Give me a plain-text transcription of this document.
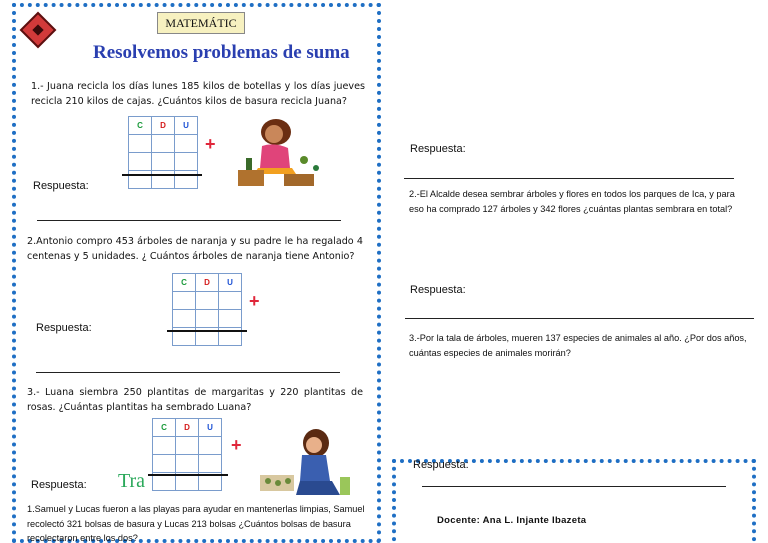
MATEMÁTIC
Resolvemos problemas de suma
1.- Juana recicla los días lunes 185 kilos de botellas y los días jueves recicla 210 kilos de cajas. ¿Cuántos kilos de basura recicla Juana?
C	D	U

+
Respuesta:
2.Antonio compro 453 árboles de naranja y su padre le ha regalado 4 centenas y 5 unidades. ¿ Cuántos árboles de naranja tiene Antonio?
C	D	U

+
Respuesta:
3.- Luana siembra 250 plantitas de margaritas y 220 plantitas de rosas. ¿Cuántas plantitas ha sembrado Luana?
C	D	U

+
Tra
Respuesta:
1.Samuel y Lucas fueron a las playas para ayudar en mantenerlas limpias, Samuel recolectó 321 bolsas de basura y Lucas 213 bolsas ¿Cuántos bolsas de basura recolectaron entre los dos?
Respuesta:
2.-El Alcalde desea sembrar árboles y flores en todos los parques de Ica, y para eso ha comprado 127 árboles y 342 flores ¿cuántas plantas sembrara en total?
Respuesta:
3.-Por la tala de árboles, mueren 137 especies de animales al año. ¿Por dos años, cuántas especies de animales morirán?
Respuesta:
Docente: Ana L. Injante Ibazeta
